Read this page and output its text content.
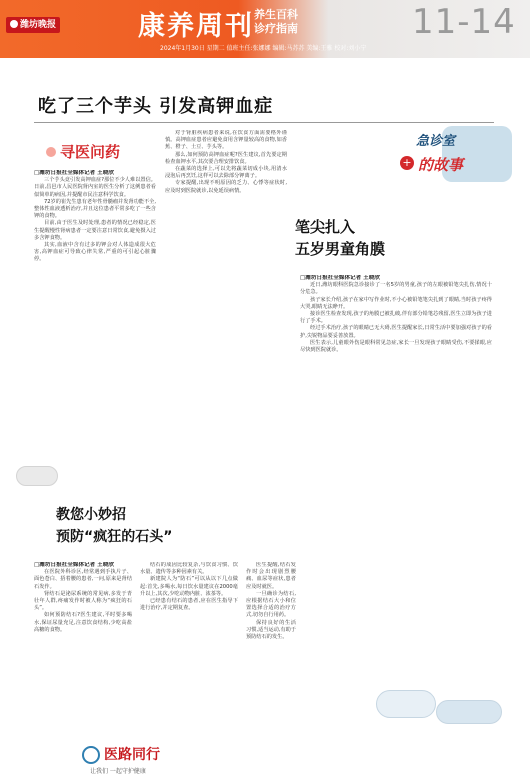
潍坊晚报	康养周刊 养生百科
诊疗指南	11-14
2024年1月30日 星期二 值班主任:张娜娜 编辑:马苏苏 美编:王雅 校对:刘小宁
吃了三个芋头 引发高钾血症
寻医问药

□潍坊日报社全媒体记者 王晓欣

三个芋头竟引发高钾血症?那位不少人难以置信。日前,昌邑市人民医院肾内室的医生分析了这例患者看似简单的病因,并提醒市民注意科学饮食。

72岁的崔先生患有老年性骨髓瘤并发肾功能不全,整体性血液透析治疗,并且这位患者平常多吃了一些含钾的食物。

目前,由于医生及时处理,患者的情况已经稳定,医生提醒慢性肾病患者一定要注意日常饮食,避免摄入过多含钾食物。

其实,血液中含有过多的钾会对人体造成很大危害,高钾血症可导致心律失常,严重的可引起心脏骤停。

对于肾脏疾病患者来说,在饮食方面需要格外谨慎。高钾血症患者应避免食用含钾量较高的食物,如香蕉、橙子、土豆、芋头等。

那么,如何预防高钾血症呢?医生建议,首先要定期检查血钾水平,其次要合理安排饮食。

在蔬菜的选择上,可以先将蔬菜切成小块,用清水浸泡后再烹饪,这样可以去除部分钾离子。

专家提醒,出现不明原因的乏力、心悸等症状时,应及时到医院就诊,以免延误病情。

急诊室
+ 的故事
笔尖扎入
五岁男童角膜

□潍坊日报社全媒体记者 王晓欣

近日,潍坊眼科医院急诊接诊了一名5岁的男童,孩子的左眼被铅笔尖扎伤,情况十分危急。

孩子家长介绍,孩子在家中写作业时,不小心被铅笔笔尖扎到了眼睛,当时孩子疼得大哭,眼睛无法睁开。

接诊医生检查发现,孩子的角膜已被扎破,伴有部分铅笔芯残留,医生立即为孩子进行了手术。

经过手术治疗,孩子的眼睛已无大碍,医生提醒家长,日常生活中要加强对孩子的看护,尖锐物品要妥善放置。

医生表示,儿童眼外伤是眼科常见急症,家长一旦发现孩子眼睛受伤,不要揉眼,应尽快到医院就诊。

教您小妙招
预防“疯狂的石头”

□潍坊日报社全媒体记者 王晓欣

在医院外科诊区,经常遇到手执片子、面色苍白、捂着腰的患者,一问,原来是肾结石发作。

肾结石是泌尿系统的常见病,多发于青壮年人群,疼痛发作时被人称为“疯狂的石头”。

如何预防结石?医生建议,平时要多喝水,保证尿量充足,注意饮食结构,少吃高盐高糖的食物。

结石的成因比较复杂,与饮食习惯、饮水量、遗传等多种因素有关。

新建院人为“防石”可以从以下几点做起:首先,多喝水,每日饮水量建议在2000毫升以上,其次,少吃动物内脏、浓茶等。

已经患有结石的患者,应在医生指导下进行治疗,并定期复查。

医生提醒,结石发作时会出现剧烈腰痛、血尿等症状,患者应及时就医。

一旦确诊为结石,应根据结石大小和位置选择合适的治疗方式,切勿自行用药。

保持良好的生活习惯,适当运动,有助于预防结石的发生。

医路同行
让我们 一起守护健康
